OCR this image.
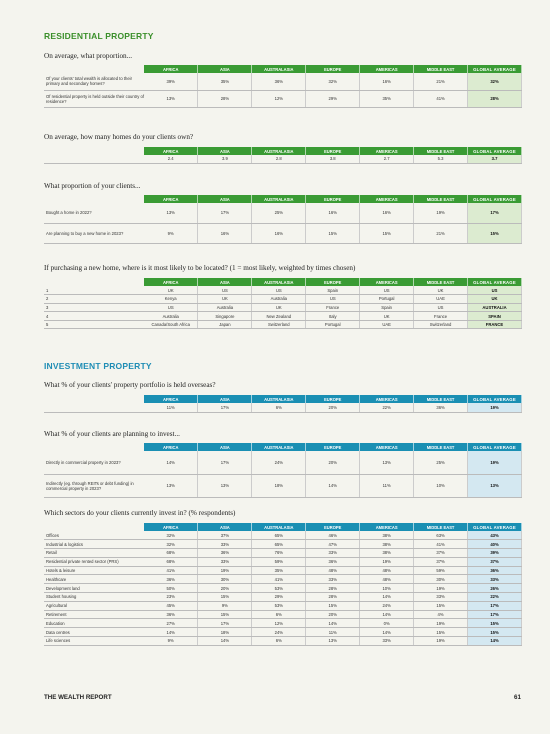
RESIDENTIAL PROPERTY
On average, what proportion...
	AFRICA	ASIA	AUSTRALASIA	EUROPE	AMERICAS	MIDDLE EAST	GLOBAL AVERAGE
Of your clients' total wealth is allocated to their primary and secondary homes?	39%	35%	36%	32%	16%	21%	32%
Of residential property is held outside their country of residence?	13%	28%	12%	29%	35%	41%	28%
On average, how many homes do your clients own?
	AFRICA	ASIA	AUSTRALASIA	EUROPE	AMERICAS	MIDDLE EAST	GLOBAL AVERAGE
	2.4	3.9	2.8	3.8	2.7	5.3	3.7
What proportion of your clients...
	AFRICA	ASIA	AUSTRALASIA	EUROPE	AMERICAS	MIDDLE EAST	GLOBAL AVERAGE
Bought a home in 2022?	13%	17%	25%	16%	16%	19%	17%
Are planning to buy a new home in 2023?	9%	16%	16%	15%	15%	21%	15%
If purchasing a new home, where is it most likely to be located? (1 = most likely, weighted by times chosen)
	AFRICA	ASIA	AUSTRALASIA	EUROPE	AMERICAS	MIDDLE EAST	GLOBAL AVERAGE
1	UK	US	US	Spain	US	UK	US
2	Kenya	UK	Australia	US	Portugal	UAE	UK
3	US	Australia	UK	France	Spain	US	AUSTRALIA
4	Australia	Singapore	New Zealand	Italy	UK	France	SPAIN
5	Canada/South Africa	Japan	Switzerland	Portugal	UAE	Switzerland	FRANCE
INVESTMENT PROPERTY
What % of your clients' property portfolio is held overseas?
	AFRICA	ASIA	AUSTRALASIA	EUROPE	AMERICAS	MIDDLE EAST	GLOBAL AVERAGE
	11%	17%	6%	20%	22%	36%	19%
What % of your clients are planning to invest...
	AFRICA	ASIA	AUSTRALASIA	EUROPE	AMERICAS	MIDDLE EAST	GLOBAL AVERAGE
Directly in commercial property in 2023?	14%	17%	24%	20%	13%	25%	19%
Indirectly (eg. through REITs or debt funding) in commercial property in 2023?	13%	13%	18%	14%	11%	10%	13%
Which sectors do your clients currently invest in? (% respondents)
	AFRICA	ASIA	AUSTRALASIA	EUROPE	AMERICAS	MIDDLE EAST	GLOBAL AVERAGE
Offices	32%	37%	65%	46%	38%	63%	43%
Industrial & logistics	32%	33%	65%	47%	38%	41%	40%
Retail	68%	36%	76%	33%	38%	37%	39%
Residential private rented sector (PRS)	68%	33%	59%	36%	19%	37%	37%
Hotels & leisure	41%	19%	35%	48%	48%	59%	36%
Healthcare	36%	30%	41%	33%	48%	30%	33%
Development land	50%	20%	53%	28%	10%	19%	26%
Student housing	23%	15%	29%	28%	14%	33%	22%
Agricultural	45%	9%	53%	15%	24%	15%	17%
Retirement	36%	15%	6%	20%	14%	4%	17%
Education	27%	17%	12%	14%	0%	19%	15%
Data centres	14%	18%	24%	11%	14%	15%	15%
Life sciences	9%	14%	6%	13%	33%	19%	14%
THE WEALTH REPORT	61
